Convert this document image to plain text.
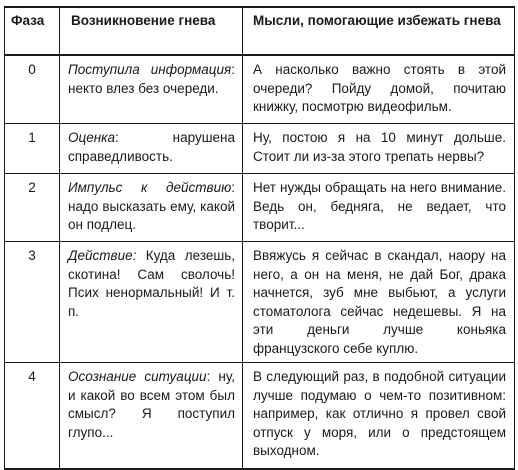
Фаза	Возникновение гнева	Мысли, помогающие избежать гнева
0	Поступила информация: некто влез без очереди.	А насколько важно стоять в этой очереди? Пойду домой, почитаю книжку, посмотрю видеофильм.
1	Оценка: нарушена справедливость.	Ну, постою я на 10 минут дольше. Стоит ли из-за этого трепать нервы?
2	Импульс к действию: надо высказать ему, какой он подлец.	Нет нужды обращать на него внимание. Ведь он, бедняга, не ведает, что творит...
3	Действие: Куда лезешь, скотина! Сам сволочь! Псих ненормальный! И т. п.	Ввяжусь я сейчас в скандал, наору на него, а он на меня, не дай Бог, драка начнется, зуб мне выбьют, а услуги стоматолога сейчас недешевы. Я на эти деньги лучше коньяка французского себе куплю.
4	Осознание ситуации: ну, и какой во всем этом был смысл? Я поступил глупо...	В следующий раз, в подобной ситуации лучше подумаю о чем-то позитивном: например, как отлично я провел свой отпуск у моря, или о предстоящем выходном.
